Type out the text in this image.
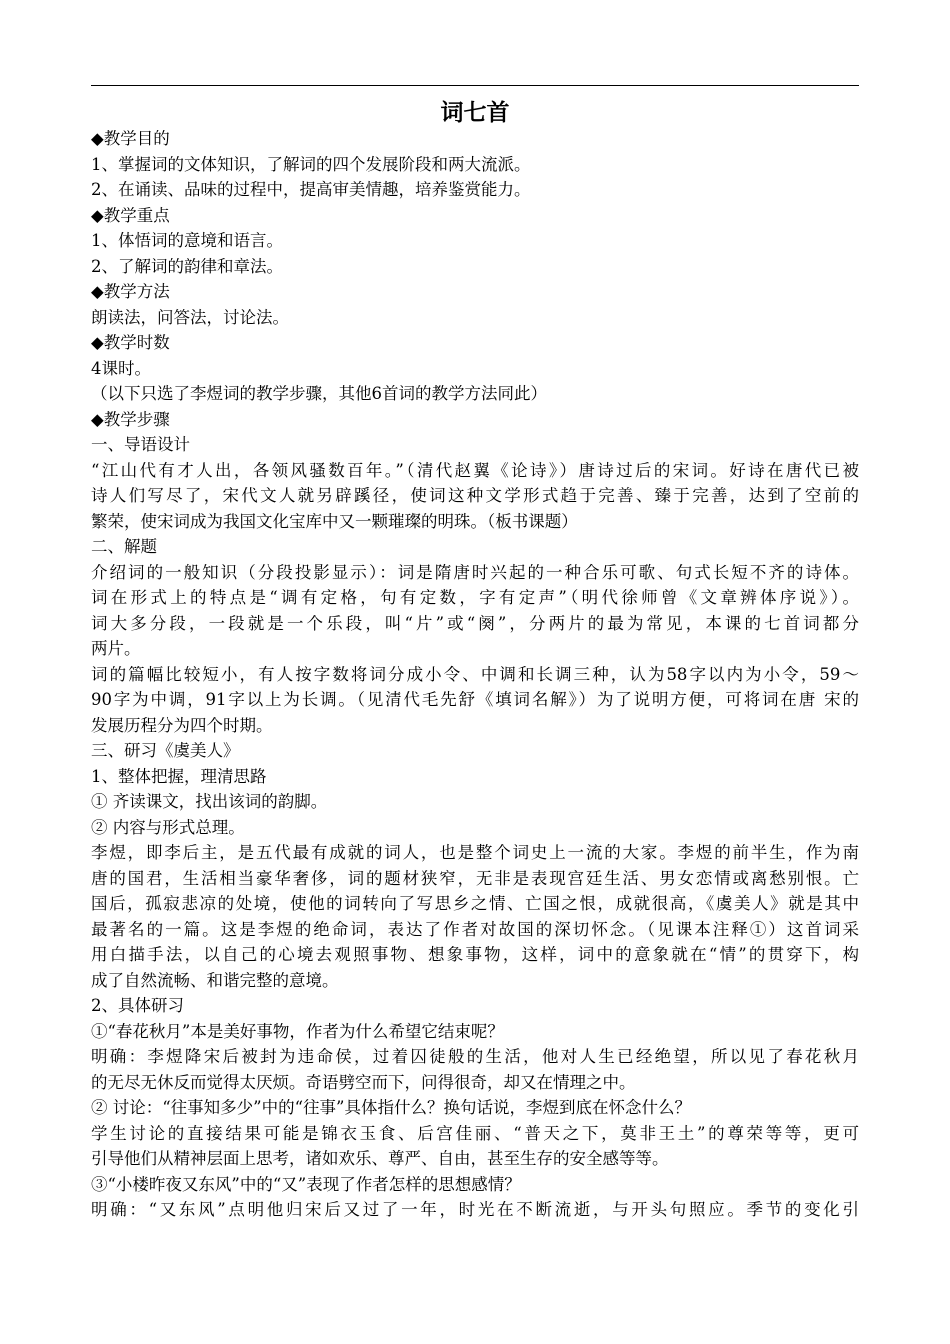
词七首
◆教学目的
1、掌握词的文体知识，了解词的四个发展阶段和两大流派。
2、在诵读、品味的过程中，提高审美情趣，培养鉴赏能力。
◆教学重点
1、体悟词的意境和语言。
2、了解词的韵律和章法。
◆教学方法
朗读法，问答法，讨论法。
◆教学时数
4课时。
（以下只选了李煜词的教学步骤，其他6首词的教学方法同此）
◆教学步骤
一、导语设计
“江山代有才人出，各领风骚数百年。”（清代赵翼《论诗》）唐诗过后的宋词。好诗在唐代已被
诗人们写尽了，宋代文人就另辟蹊径，使词这种文学形式趋于完善、臻于完善，达到了空前的
繁荣，使宋词成为我国文化宝库中又一颗璀璨的明珠。（板书课题）
二、解题
介绍词的一般知识（分段投影显示）：词是隋唐时兴起的一种合乐可歌、句式长短不齐的诗体。
词在形式上的特点是“调有定格，句有定数，字有定声”（明代徐师曾《文章辨体序说》）。
词大多分段，一段就是一个乐段，叫“片”或“阕”，分两片的最为常见，本课的七首词都分
两片。
词的篇幅比较短小，有人按字数将词分成小令、中调和长调三种，认为58字以内为小令，59～
90字为中调，91字以上为长调。（见清代毛先舒《填词名解》）为了说明方便，可将词在唐 宋的
发展历程分为四个时期。
三、研习《虞美人》
1、整体把握，理清思路
① 齐读课文，找出该词的韵脚。
② 内容与形式总理。
李煜，即李后主，是五代最有成就的词人，也是整个词史上一流的大家。李煜的前半生，作为南
唐的国君，生活相当豪华奢侈，词的题材狭窄，无非是表现宫廷生活、男女恋情或离愁别恨。亡
国后，孤寂悲凉的处境，使他的词转向了写思乡之情、亡国之恨，成就很高，《虞美人》就是其中
最著名的一篇。这是李煜的绝命词，表达了作者对故国的深切怀念。（见课本注释①）这首词采
用白描手法，以自己的心境去观照事物、想象事物，这样，词中的意象就在“情”的贯穿下，构
成了自然流畅、和谐完整的意境。
2、具体研习
①“春花秋月”本是美好事物，作者为什么希望它结束呢？
明确：李煜降宋后被封为违命侯，过着囚徒般的生活，他对人生已经绝望，所以见了春花秋月
的无尽无休反而觉得太厌烦。奇语劈空而下，问得很奇，却又在情理之中。
② 讨论：“往事知多少”中的“往事”具体指什么？换句话说，李煜到底在怀念什么？
学生讨论的直接结果可能是锦衣玉食、后宫佳丽、“普天之下，莫非王土”的尊荣等等，更可
引导他们从精神层面上思考，诸如欢乐、尊严、自由，甚至生存的安全感等等。
③“小楼昨夜又东风”中的“又”表现了作者怎样的思想感情？
明确：“又东风”点明他归宋后又过了一年，时光在不断流逝，与开头句照应。季节的变化引
